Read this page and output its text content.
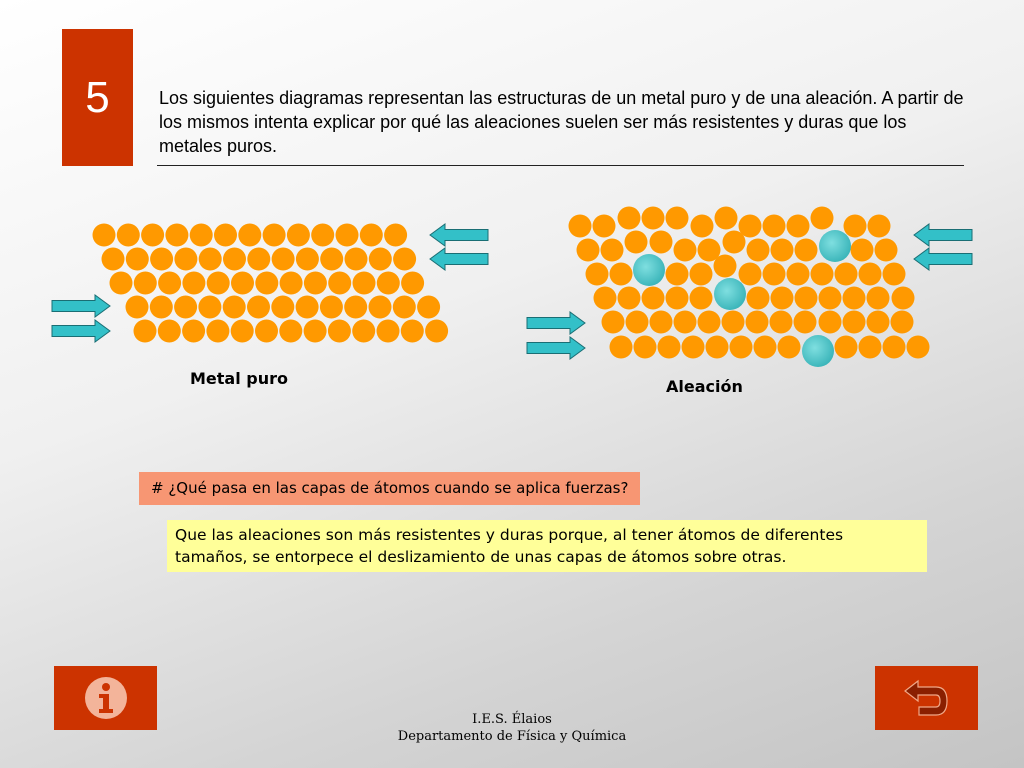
5	Los siguientes diagramas representan las estructuras de un metal puro y de una aleación. A partir de los mismos intenta explicar por qué las aleaciones suelen ser más resistentes y duras que los metales puros.
Metal puro	Aleación
# ¿Qué pasa en las capas de átomos cuando se aplica fuerzas?
Que las aleaciones son más resistentes y duras porque, al tener átomos de diferentes tamaños, se entorpece el deslizamiento de unas capas de átomos sobre otras.
I.E.S. Élaios
Departamento de Física y Química
